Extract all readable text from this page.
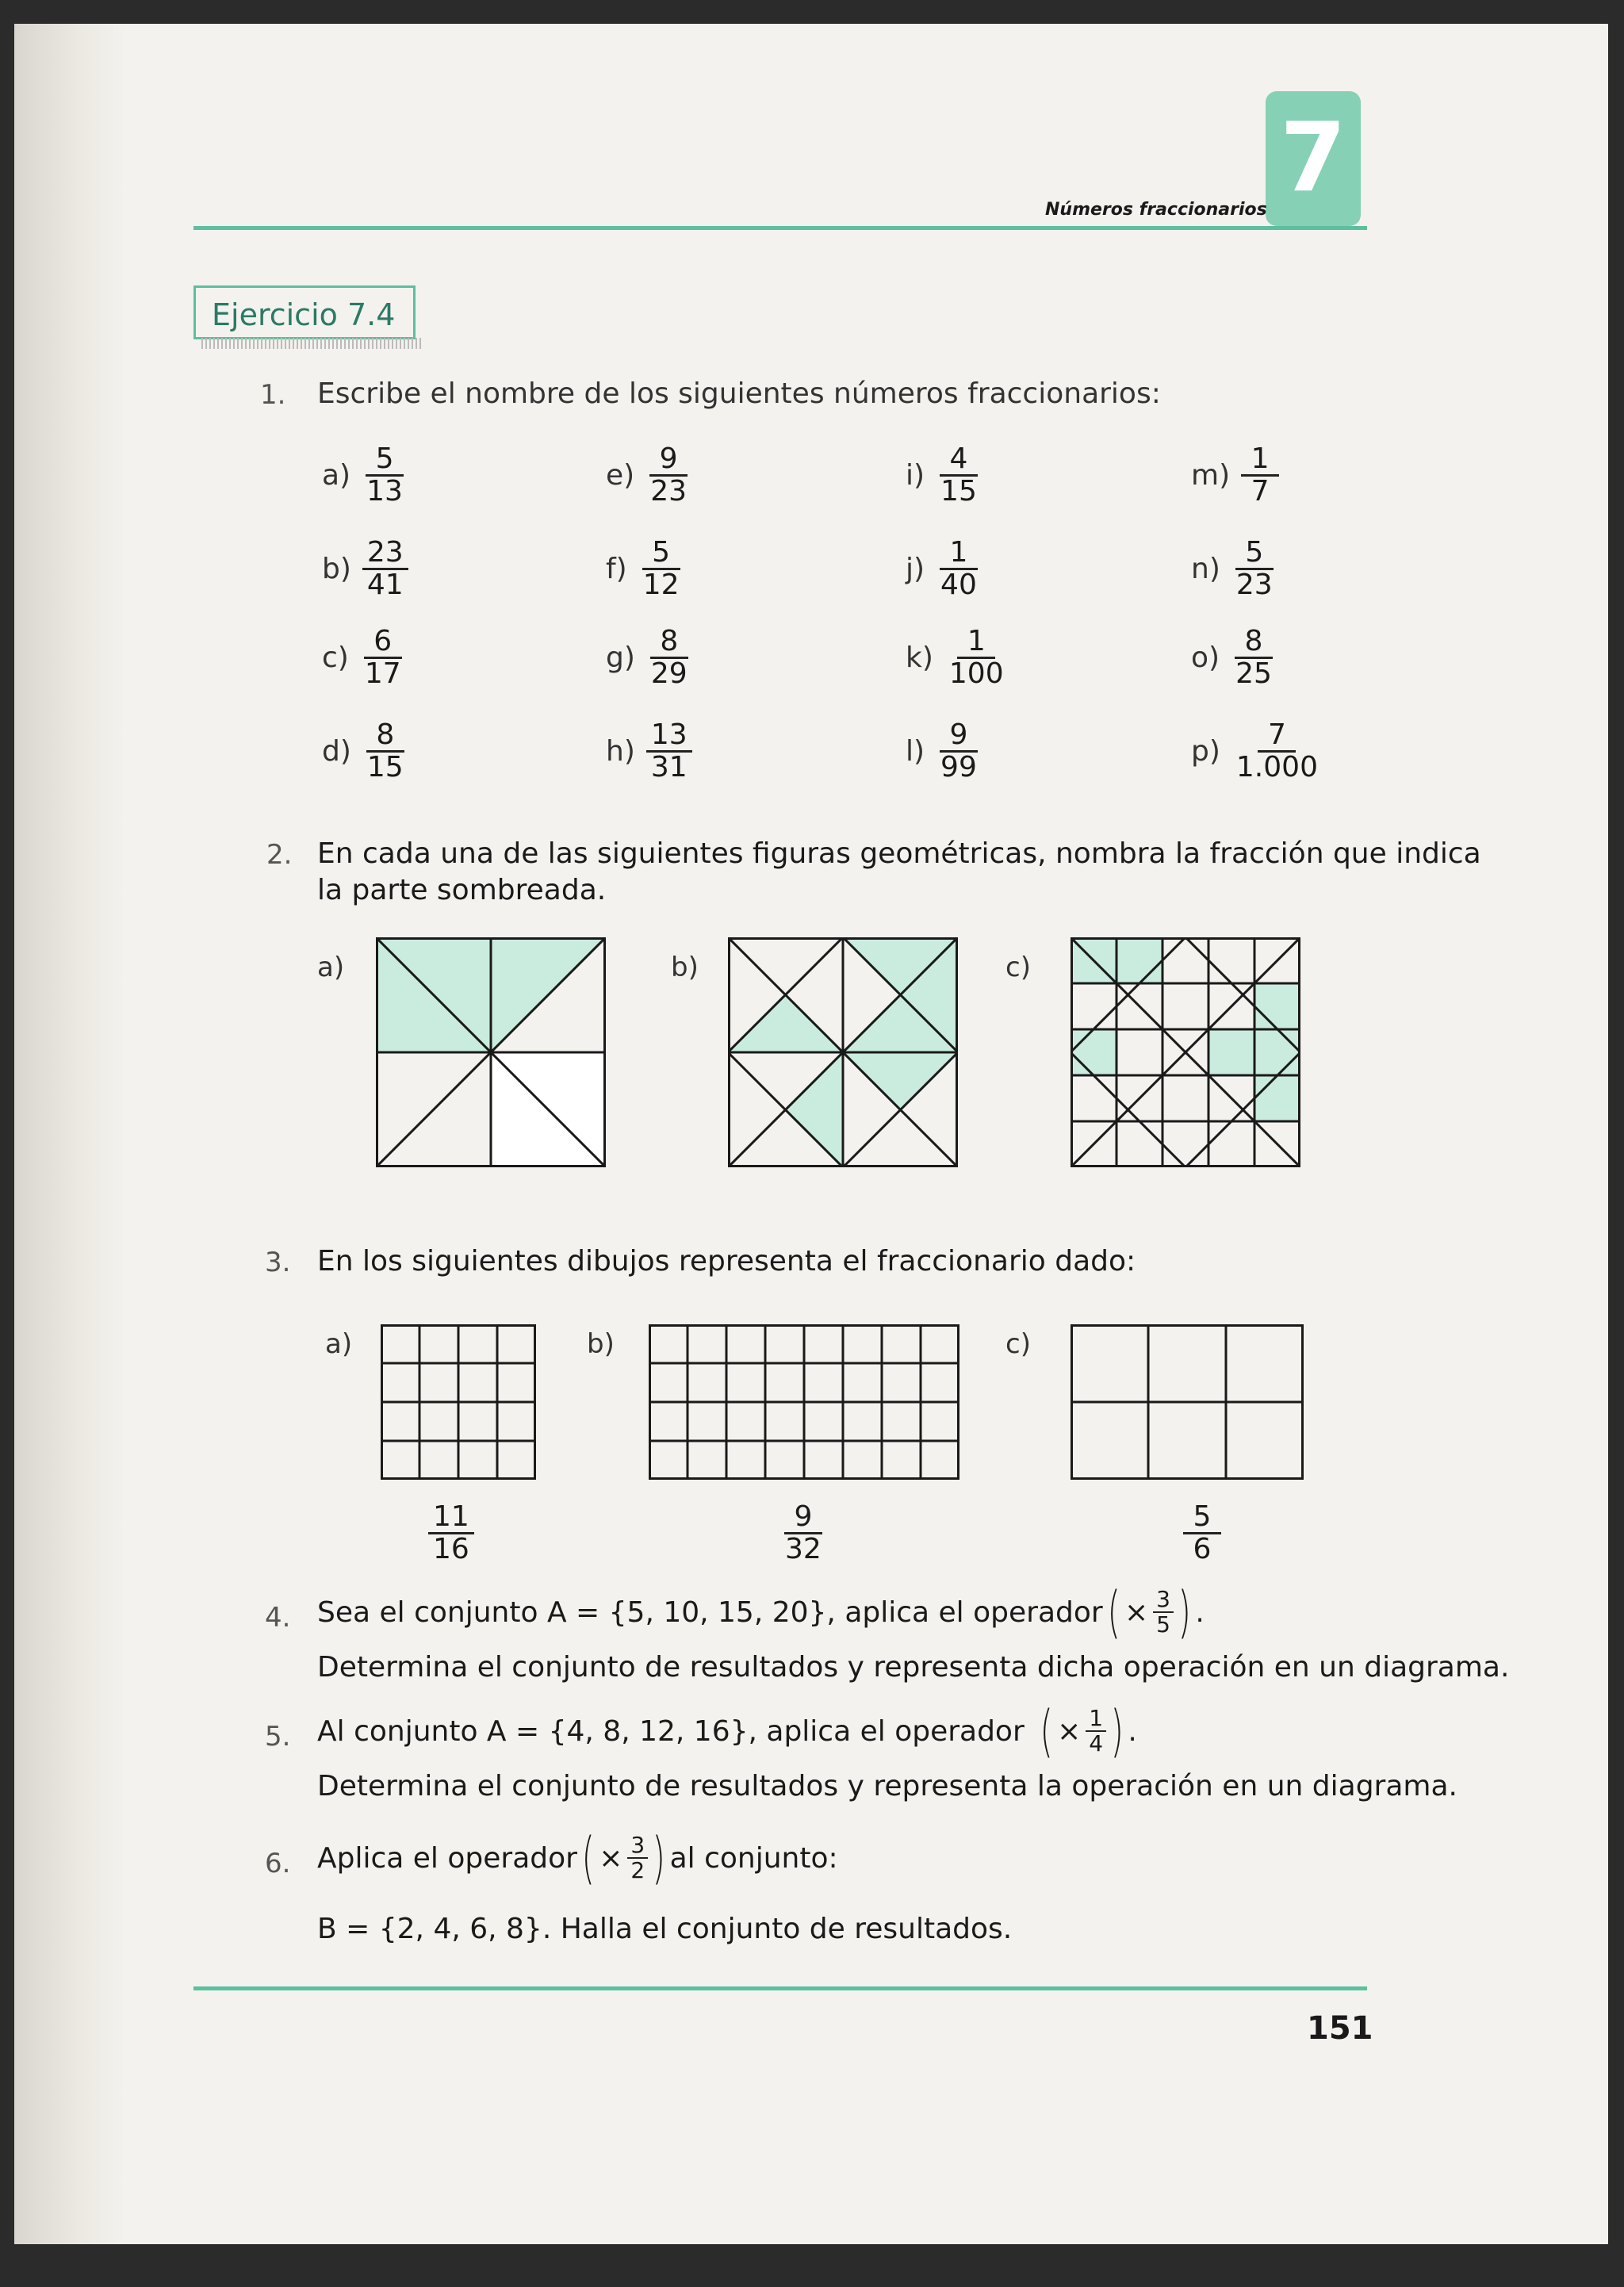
7
Números fraccionarios
Ejercicio 7.4
1. Escribe el nombre de los siguientes números fraccionarios:
$a) \frac{5}{13}$	$e) \frac{9}{23}$	$i) \frac{4}{15}$	$m) \frac{1}{7}$
$b) \frac{23}{41}$	$f) \frac{5}{12}$	$j) \frac{1}{40}$	$n) \frac{5}{23}$
$c) \frac{6}{17}$	$g) \frac{8}{29}$	$k) \frac{1}{100}$	$o) \frac{8}{25}$
$d) \frac{8}{15}$	$h) \frac{13}{31}$	$l) \frac{9}{99}$	$p) \frac{7}{1.000}$
2. En cada una de las siguientes figuras geométricas, nombra la fracción que indica
la parte sombreada.
a)	b)	c)
3. En los siguientes dibujos representa el fraccionario dado:
a)	b)	c)
$\frac{11}{16}$	$\frac{9}{32}$	$\frac{5}{6}$
4. Sea el conjunto A = {5, 10, 15, 20}, aplica el operador ( × $\frac{3}{5}$ ) .
Determina el conjunto de resultados y representa dicha operación en un diagrama.
5. Al conjunto A = {4, 8, 12, 16}, aplica el operador ( × $\frac{1}{4}$ ) .
Determina el conjunto de resultados y representa la operación en un diagrama.
6. Aplica el operador ( × $\frac{3}{2}$ ) al conjunto:
B = {2, 4, 6, 8}. Halla el conjunto de resultados.
151
